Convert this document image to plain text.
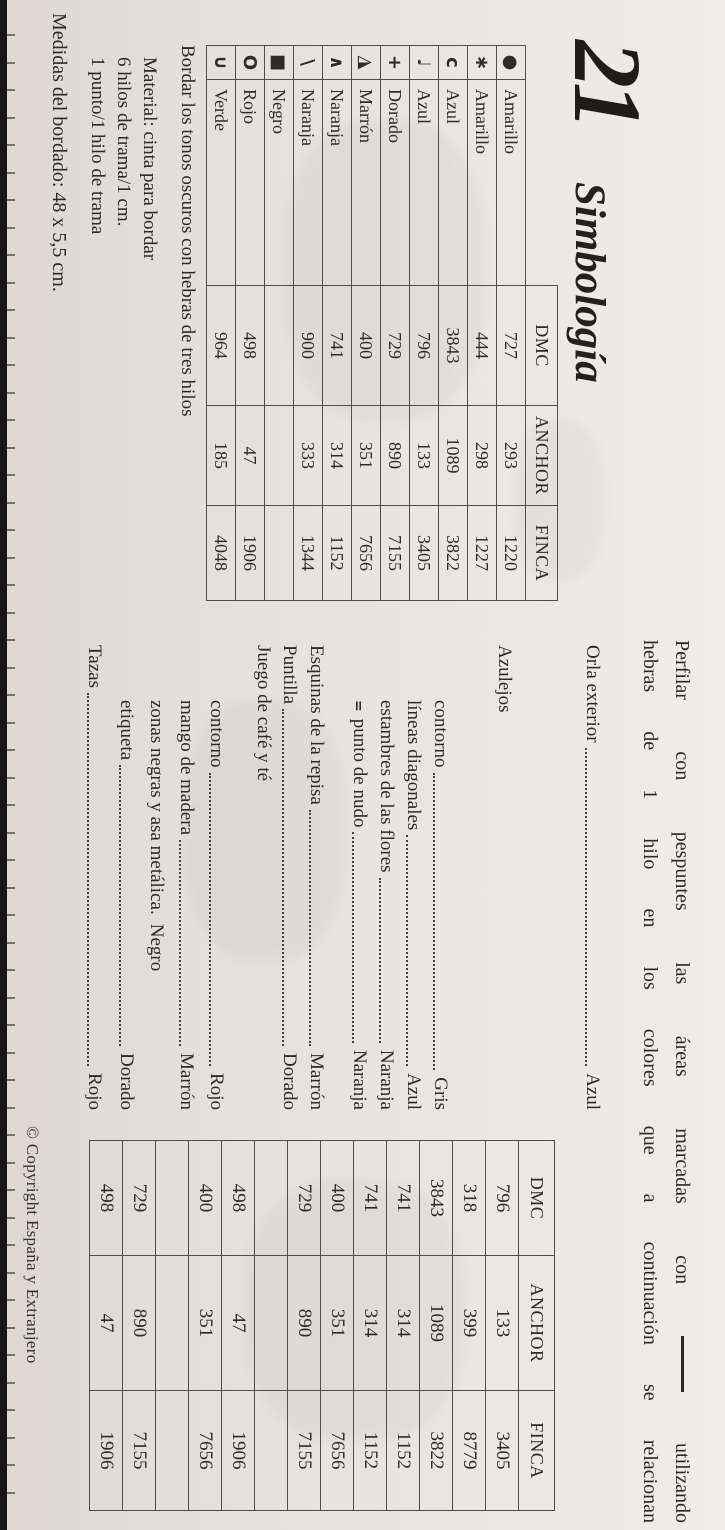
21
Simbología
		DMC	ANCHOR	FINCA
●	Amarillo	727	293	1220
∗	Amarillo	444	298	1227
c	Azul	3843	1089	3822
♩	Azul	796	133	3405
+	Dorado	729	890	7155
◮	Marrón	400	351	7656
∧	Naranja	741	314	1152
\	Naranja	900	333	1344
■	Negro			
O	Rojo	498	47	1906
∪	Verde	964	185	4048
Bordar los tonos oscuros con hebras de tres hilos
Material: cinta para bordar
6 hilos de trama/1 cm.
1 punto/1 hilo de trama
Medidas del bordado: 48 x 5,5 cm.
Perfilar con pespuntes las áreas marcadas con  utilizando
hebras de 1 hilo en los colores que a continuación se relacionan
Orla exterior
Azul
Azulejos
contorno
Gris
líneas diagonales
Azul
estambres de las flores
Naranja
=
punto de nudo
Naranja
Esquinas de la repisa
Marrón
Puntilla
Dorado
Juego de café y té
contorno
Rojo
mango de madera
Marrón
zonas negras y asa metálica.
Negro
etiqueta
Dorado
Tazas
Rojo
DMC	ANCHOR	FINCA
796	133	3405
318	399	8779
3843	1089	3822
741	314	1152
741	314	1152
400	351	7656
729	890	7155

498	47	1906
400	351	7656

729	890	7155
498	47	1906
© Copyright España y Extranjero
